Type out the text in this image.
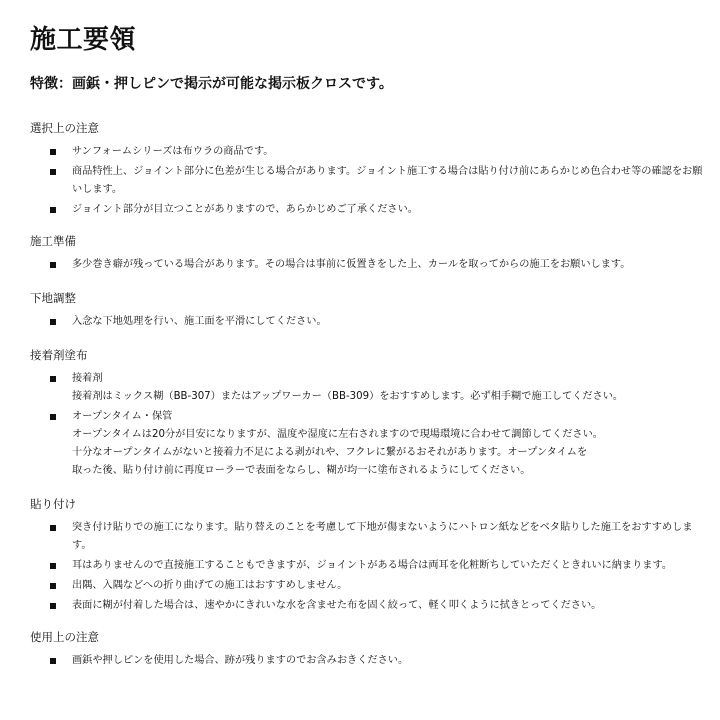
施工要領
特徴：画鋲・押しピンで掲示が可能な掲示板クロスです。
選択上の注意
サンフォームシリーズは布ウラの商品です。
商品特性上、ジョイント部分に色差が生じる場合があります。ジョイント施工する場合は貼り付け前にあらかじめ色合わせ等の確認をお願いします。
ジョイント部分が目立つことがありますので、あらかじめご了承ください。
施工準備
多少巻き癖が残っている場合があります。その場合は事前に仮置きをした上、カールを取ってからの施工をお願いします。
下地調整
入念な下地処理を行い、施工面を平滑にしてください。
接着剤塗布
接着剤
接着剤はミックス糊（BB-307）またはアップワーカー（BB-309）をおすすめします。必ず相手糊で施工してください。
オープンタイム・保管
オープンタイムは20分が目安になりますが、温度や湿度に左右されますので現場環境に合わせて調節してください。
十分なオープンタイムがないと接着力不足による剥がれや、フクレに繋がるおそれがあります。オープンタイムを
取った後、貼り付け前に再度ローラーで表面をならし、糊が均一に塗布されるようにしてください。
貼り付け
突き付け貼りでの施工になります。貼り替えのことを考慮して下地が傷まないようにハトロン紙などをベタ貼りした施工をおすすめします。
耳はありませんので直接施工することもできますが、ジョイントがある場合は両耳を化粧断ちしていただくときれいに納まります。
出隅、入隅などへの折り曲げての施工はおすすめしません。
表面に糊が付着した場合は、速やかにきれいな水を含ませた布を固く絞って、軽く叩くように拭きとってください。
使用上の注意
画鋲や押しピンを使用した場合、跡が残りますのでお含みおきください。
